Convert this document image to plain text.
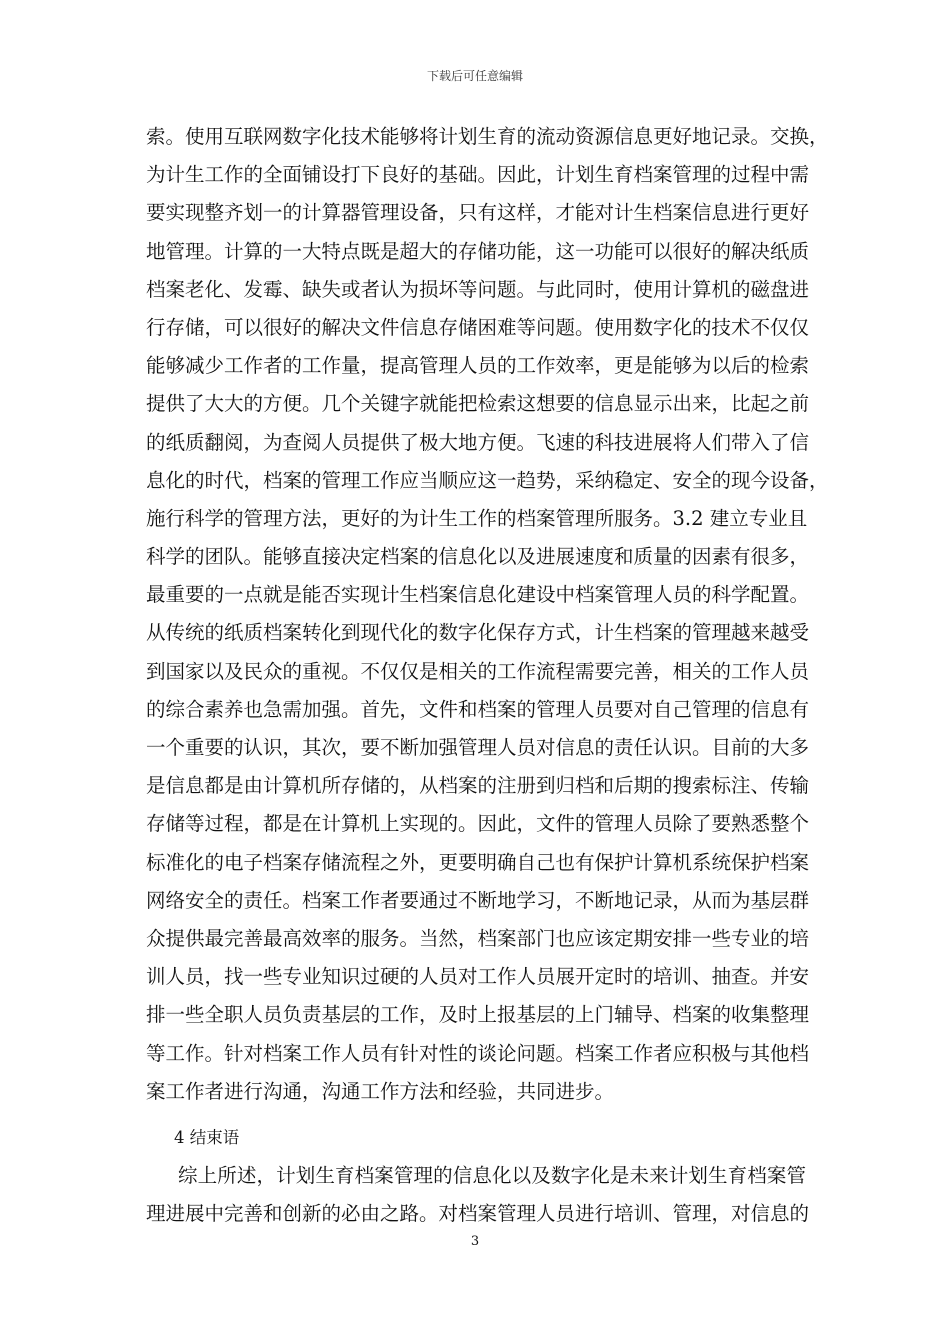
下载后可任意编辑
索。使用互联网数字化技术能够将计划生育的流动资源信息更好地记录。交换，
为计生工作的全面铺设打下良好的基础。因此，计划生育档案管理的过程中需
要实现整齐划一的计算器管理设备，只有这样，才能对计生档案信息进行更好
地管理。计算的一大特点既是超大的存储功能，这一功能可以很好的解决纸质
档案老化、发霉、缺失或者认为损坏等问题。与此同时，使用计算机的磁盘进
行存储，可以很好的解决文件信息存储困难等问题。使用数字化的技术不仅仅
能够减少工作者的工作量，提高管理人员的工作效率，更是能够为以后的检索
提供了大大的方便。几个关键字就能把检索这想要的信息显示出来，比起之前
的纸质翻阅，为查阅人员提供了极大地方便。飞速的科技进展将人们带入了信
息化的时代，档案的管理工作应当顺应这一趋势，采纳稳定、安全的现今设备，
施行科学的管理方法，更好的为计生工作的档案管理所服务。3.2 建立专业且
科学的团队。能够直接决定档案的信息化以及进展速度和质量的因素有很多，
最重要的一点就是能否实现计生档案信息化建设中档案管理人员的科学配置。
从传统的纸质档案转化到现代化的数字化保存方式，计生档案的管理越来越受
到国家以及民众的重视。不仅仅是相关的工作流程需要完善，相关的工作人员
的综合素养也急需加强。首先，文件和档案的管理人员要对自己管理的信息有
一个重要的认识，其次，要不断加强管理人员对信息的责任认识。目前的大多
是信息都是由计算机所存储的，从档案的注册到归档和后期的搜索标注、传输
存储等过程，都是在计算机上实现的。因此，文件的管理人员除了要熟悉整个
标准化的电子档案存储流程之外，更要明确自己也有保护计算机系统保护档案
网络安全的责任。档案工作者要通过不断地学习，不断地记录，从而为基层群
众提供最完善最高效率的服务。当然，档案部门也应该定期安排一些专业的培
训人员，找一些专业知识过硬的人员对工作人员展开定时的培训、抽查。并安
排一些全职人员负责基层的工作，及时上报基层的上门辅导、档案的收集整理
等工作。针对档案工作人员有针对性的谈论问题。档案工作者应积极与其他档
案工作者进行沟通，沟通工作方法和经验，共同进步。
4 结束语
综上所述，计划生育档案管理的信息化以及数字化是未来计划生育档案管
理进展中完善和创新的必由之路。对档案管理人员进行培训、管理，对信息的
3
